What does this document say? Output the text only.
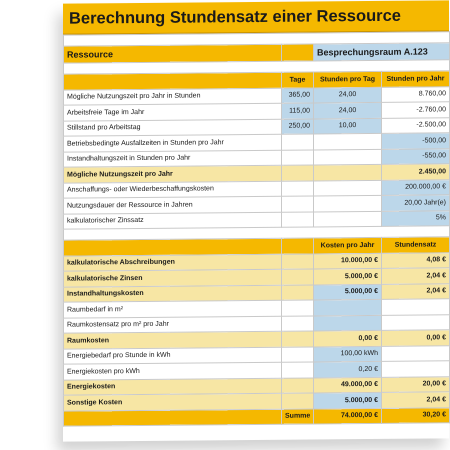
Berechnung Stundensatz einer Ressource

Ressource		Besprechungsraum A.123	

	Tage	Stunden pro Tag	Stunden pro Jahr
Mögliche Nutzungszeit pro Jahr in Stunden	365,00	24,00	8.760,00
Arbeitsfreie Tage im Jahr	115,00	24,00	-2.760,00
Stillstand pro Arbeitstag	250,00	10,00	-2.500,00
Betriebsbedingte Ausfallzeiten in Stunden pro Jahr			-500,00
Instandhaltungszeit in Stunden pro Jahr			-550,00
Mögliche Nutzungszeit pro Jahr			2.450,00
Anschaffungs- oder Wiederbeschaffungskosten			200.000,00 €
Nutzungsdauer der Ressource in Jahren			20,00 Jahr(e)
kalkulatorischer Zinssatz			5%

		Kosten pro Jahr	Stundensatz
kalkulatorische Abschreibungen		10.000,00 €	4,08 €
kalkulatorische Zinsen		5.000,00 €	2,04 €
Instandhaltungskosten		5.000,00 €	2,04 €
Raumbedarf in m²			
Raumkostensatz pro m² pro Jahr			
Raumkosten		0,00 €	0,00 €
Energiebedarf pro Stunde in kWh		100,00 kWh	
Energiekosten pro kWh		0,20 €	
Energiekosten		49.000,00 €	20,00 €
Sonstige Kosten		5.000,00 €	2,04 €
	Summe	74.000,00 €	30,20 €
